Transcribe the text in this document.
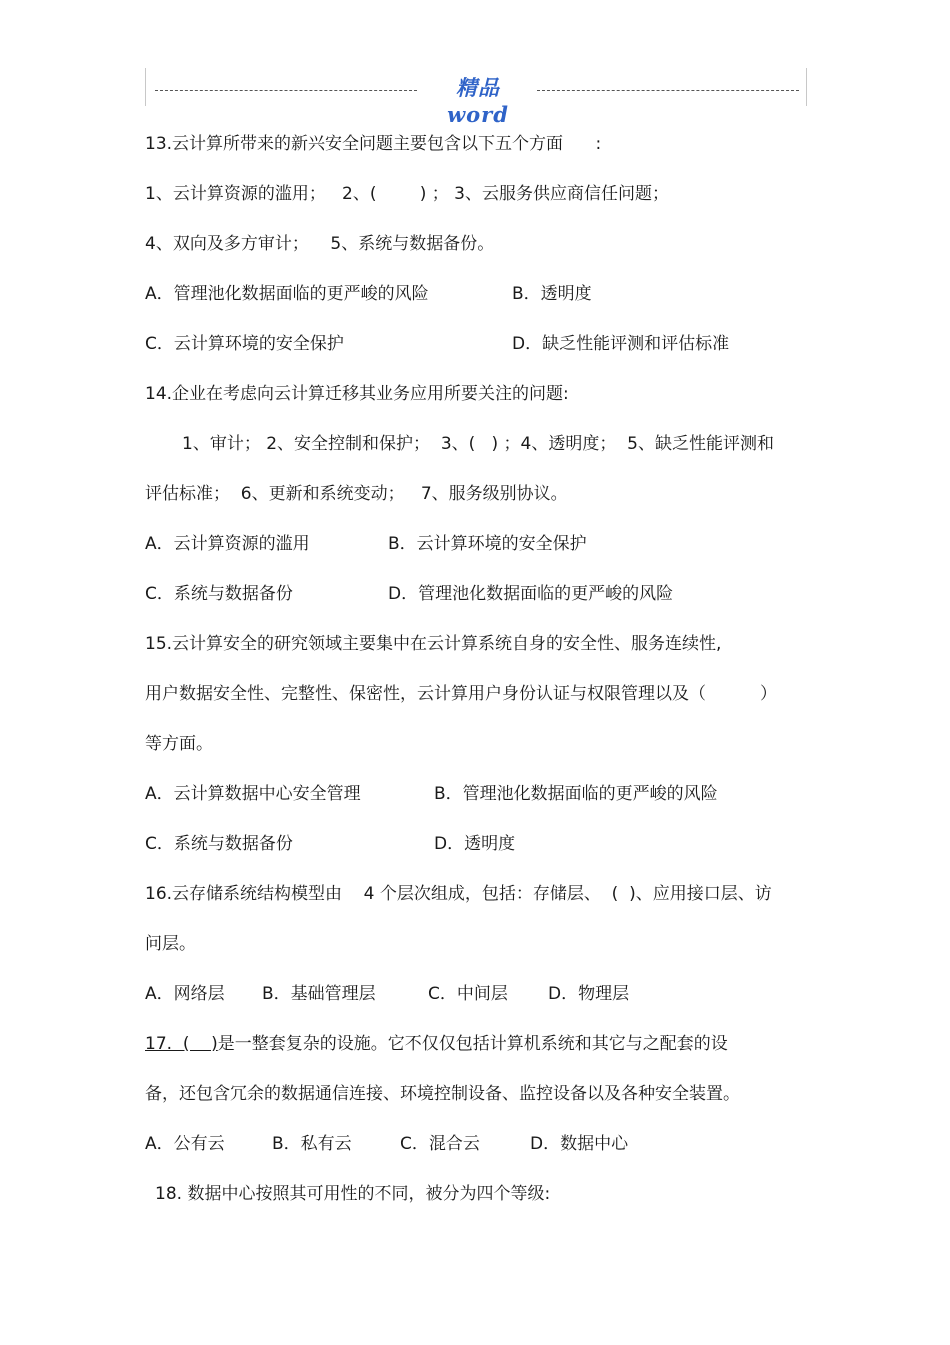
精品 word
13.云计算所带来的新兴安全问题主要包含以下五个方面      :
1、云计算资源的滥用；   2、(        ) ； 3、云服务供应商信任问题；
4、双向及多方审计；    5、系统与数据备份。
A．管理池化数据面临的更严峻的风险	B．透明度
C．云计算环境的安全保护	D．缺乏性能评测和评估标准
14.企业在考虑向云计算迁移其业务应用所要关注的问题:
1、审计； 2、安全控制和保护；  3、(   ) ；4、透明度；  5、缺乏性能评测和
评估标准；  6、更新和系统变动；   7、服务级别协议。
A．云计算资源的滥用	B．云计算环境的安全保护
C．系统与数据备份	D．管理池化数据面临的更严峻的风险
15.云计算安全的研究领域主要集中在云计算系统自身的安全性、服务连续性,
用户数据安全性、完整性、保密性，云计算用户身份认证与权限管理以及（          ）
等方面。
A．云计算数据中心安全管理	B．管理池化数据面临的更严峻的风险
C．系统与数据备份	D．透明度
16.云存储系统结构模型由    4 个层次组成，包括：存储层、  (  )、应用接口层、访
问层。
A．网络层 B．基础管理层	C．中间层 D．物理层
17.  (    )是一整套复杂的设施。它不仅仅包括计算机系统和其它与之配套的设
备，还包含冗余的数据通信连接、环境控制设备、监控设备以及各种安全装置。
A．公有云	B．私有云	C．混合云	D．数据中心
18. 数据中心按照其可用性的不同，被分为四个等级:
